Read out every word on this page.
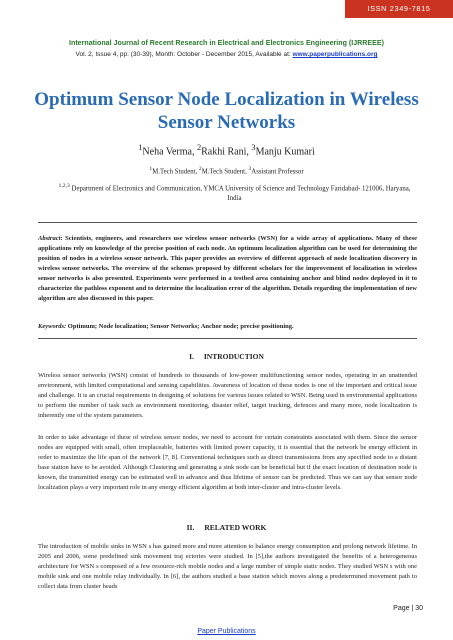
ISSN 2349-7815
International Journal of Recent Research in Electrical and Electronics Engineering (IJRREEE)
Vol. 2, Issue 4, pp: (30-39), Month: October - December 2015, Available at: www.paperpublications.org
Optimum Sensor Node Localization in Wireless
Sensor Networks
$^1$Neha Verma, $^2$Rakhi Rani, $^3$Manju Kumari
$^1$M.Tech Student, $^2$M.Tech Student, $^3$Assistant Professor
$^{1,2,3}$ Department of Electronics and Communication, YMCA University of Science and Technology Faridabad- 121006, Haryana, India
Abstract: Scientists, engineers, and researchers use wireless sensor networks (WSN) for a wide array of applications. Many of these applications rely on knowledge of the precise position of each node. An optimum localization algorithm can be used for determining the position of nodes in a wireless sensor network. This paper provides an overview of different approach of node localization discovery in wireless sensor networks. The overview of the schemes proposed by different scholars for the improvement of localization in wireless sensor networks is also presented. Experiments were performed in a testbed area containing anchor and blind nodes deployed in it to characterize the pathloss exponent and to determine the localization error of the algorithm. Details regarding the implementation of new algorithm are also discussed in this paper.
Keywords: Optimum; Node localization; Sensor Networks; Anchor node; precise positioning.
I. INTRODUCTION
Wireless sensor networks (WSN) consist of hundreds to thousands of low-power multifunctioning sensor nodes, operating in an unattended environment, with limited computational and sensing capabilities. Awareness of location of these nodes is one of the important and critical issue and challenge. It is an crucial requirements in designing of solutions for various issues related to WSN. Being used in environmental applications to perform the number of task such as environment monitoring, disaster relief, target tracking, defences and many more, node localization is inherently one of the system parameters.
In order to take advantage of these of wireless sensor nodes, we need to account for certain constraints associated with them. Since the sensor nodes are equipped with small, often irreplaceable, batteries with limited power capacity, it is essential that the network be energy efficient in order to maximize the life span of the network [7, 8]. Conventional techniques such as direct transmissions from any specified node to a distant base station have to be avoided. Although Clustering and generating a sink node can be beneficial but if the exact location of destination node is known, the transmitted energy can be estimated well in advance and thus lifetime of sensor can be predicted. Thus we can say that sensor node localization plays a very important role in any energy efficient algorithm at both inter-cluster and intra-cluster levels.
II. RELATED WORK
The introduction of mobile sinks in WSN s has gained more and more attention to balance energy consumption and prolong network lifetime. In 2005 and 2006, some predefined sink movement traj ectories were studied. In [5],the authors investigated the benefits of a heterogeneous architecture for WSN s composed of a few resource-rich mobile nodes and a large number of simple static nodes. They studied WSN s with one mobile sink and one mobile relay individually. In [6], the authors studied a base station which moves along a predetermined movement path to collect data from cluster heads
Page | 30
Paper Publications
